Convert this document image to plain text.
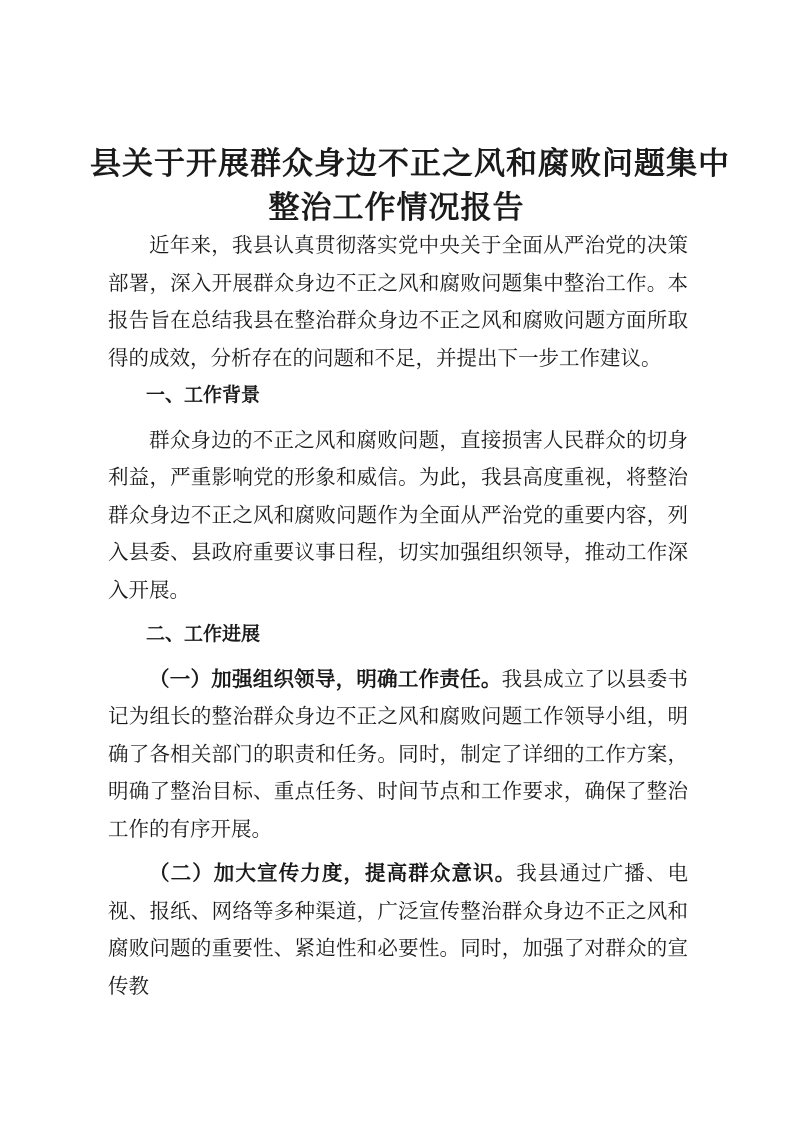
县关于开展群众身边不正之风和腐败问题集中
整治工作情况报告

近年来，我县认真贯彻落实党中央关于全面从严治党的决策部署，深入开展群众身边不正之风和腐败问题集中整治工作。本报告旨在总结我县在整治群众身边不正之风和腐败问题方面所取得的成效，分析存在的问题和不足，并提出下一步工作建议。

一、工作背景

群众身边的不正之风和腐败问题，直接损害人民群众的切身利益，严重影响党的形象和威信。为此，我县高度重视，将整治群众身边不正之风和腐败问题作为全面从严治党的重要内容，列入县委、县政府重要议事日程，切实加强组织领导，推动工作深入开展。

二、工作进展

（一）加强组织领导，明确工作责任。我县成立了以县委书记为组长的整治群众身边不正之风和腐败问题工作领导小组，明确了各相关部门的职责和任务。同时，制定了详细的工作方案，明确了整治目标、重点任务、时间节点和工作要求，确保了整治工作的有序开展。

（二）加大宣传力度，提高群众意识。我县通过广播、电视、报纸、网络等多种渠道，广泛宣传整治群众身边不正之风和腐败问题的重要性、紧迫性和必要性。同时，加强了对群众的宣传教
